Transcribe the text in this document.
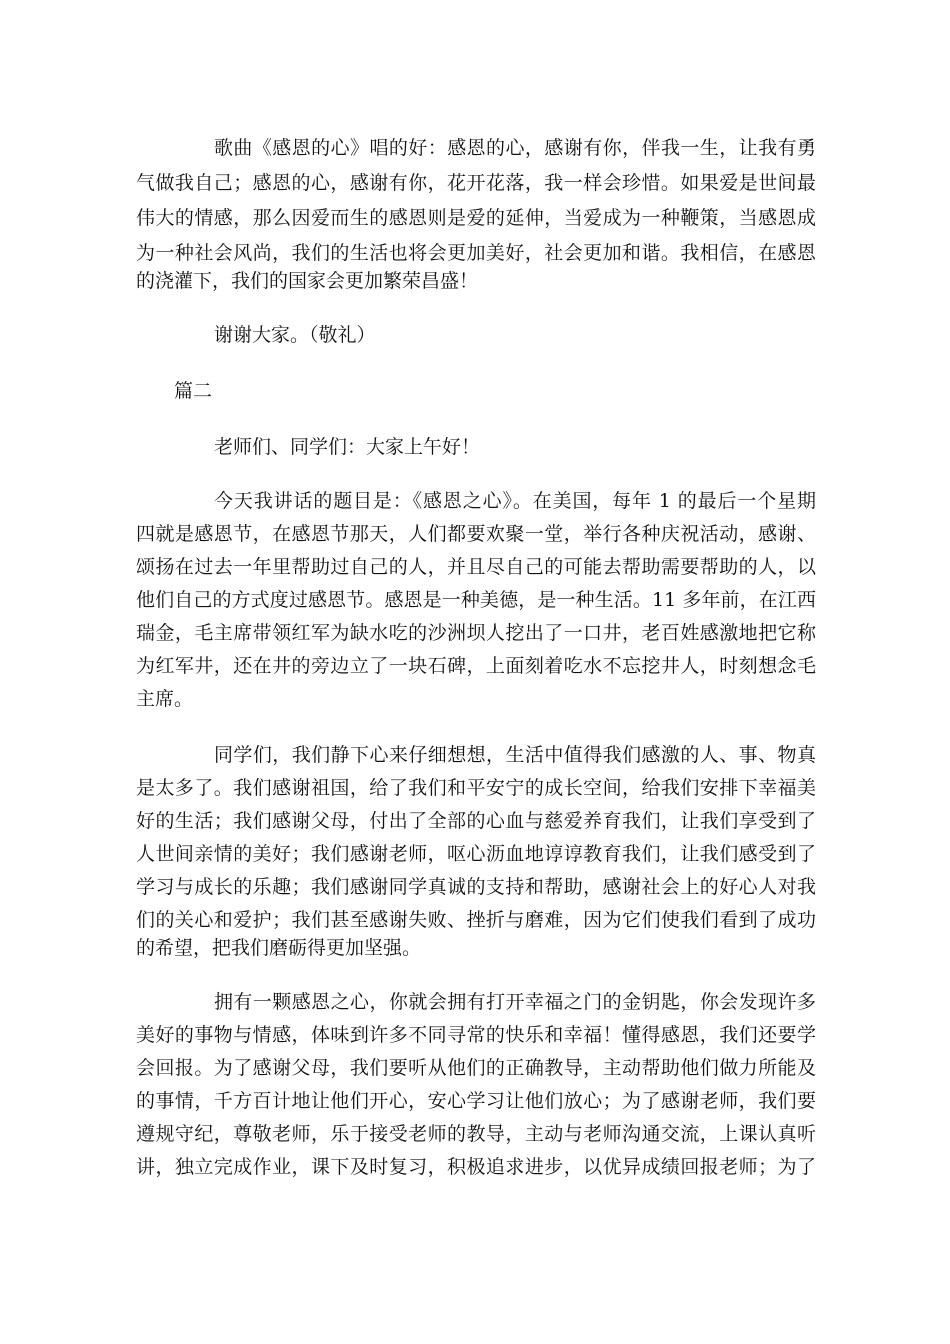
歌曲《感恩的心》唱的好：感恩的心，感谢有你，伴我一生，让我有勇
气做我自己；感恩的心，感谢有你，花开花落，我一样会珍惜。如果爱是世间最
伟大的情感，那么因爱而生的感恩则是爱的延伸，当爱成为一种鞭策，当感恩成
为一种社会风尚，我们的生活也将会更加美好，社会更加和谐。我相信，在感恩
的浇灌下，我们的国家会更加繁荣昌盛！
谢谢大家。（敬礼）
篇二
老师们、同学们：大家上午好！
今天我讲话的题目是：《感恩之心》。在美国，每年 1 的最后一个星期
四就是感恩节，在感恩节那天，人们都要欢聚一堂，举行各种庆祝活动，感谢、
颂扬在过去一年里帮助过自己的人，并且尽自己的可能去帮助需要帮助的人，以
他们自己的方式度过感恩节。感恩是一种美德，是一种生活。11 多年前，在江西
瑞金，毛主席带领红军为缺水吃的沙洲坝人挖出了一口井，老百姓感激地把它称
为红军井，还在井的旁边立了一块石碑，上面刻着吃水不忘挖井人，时刻想念毛
主席。
同学们，我们静下心来仔细想想，生活中值得我们感激的人、事、物真
是太多了。我们感谢祖国，给了我们和平安宁的成长空间，给我们安排下幸福美
好的生活；我们感谢父母，付出了全部的心血与慈爱养育我们，让我们享受到了
人世间亲情的美好；我们感谢老师，呕心沥血地谆谆教育我们，让我们感受到了
学习与成长的乐趣；我们感谢同学真诚的支持和帮助，感谢社会上的好心人对我
们的关心和爱护；我们甚至感谢失败、挫折与磨难，因为它们使我们看到了成功
的希望，把我们磨砺得更加坚强。
拥有一颗感恩之心，你就会拥有打开幸福之门的金钥匙，你会发现许多
美好的事物与情感，体味到许多不同寻常的快乐和幸福！懂得感恩，我们还要学
会回报。为了感谢父母，我们要听从他们的正确教导，主动帮助他们做力所能及
的事情，千方百计地让他们开心，安心学习让他们放心；为了感谢老师，我们要
遵规守纪，尊敬老师，乐于接受老师的教导，主动与老师沟通交流，上课认真听
讲，独立完成作业，课下及时复习，积极追求进步，以优异成绩回报老师；为了
